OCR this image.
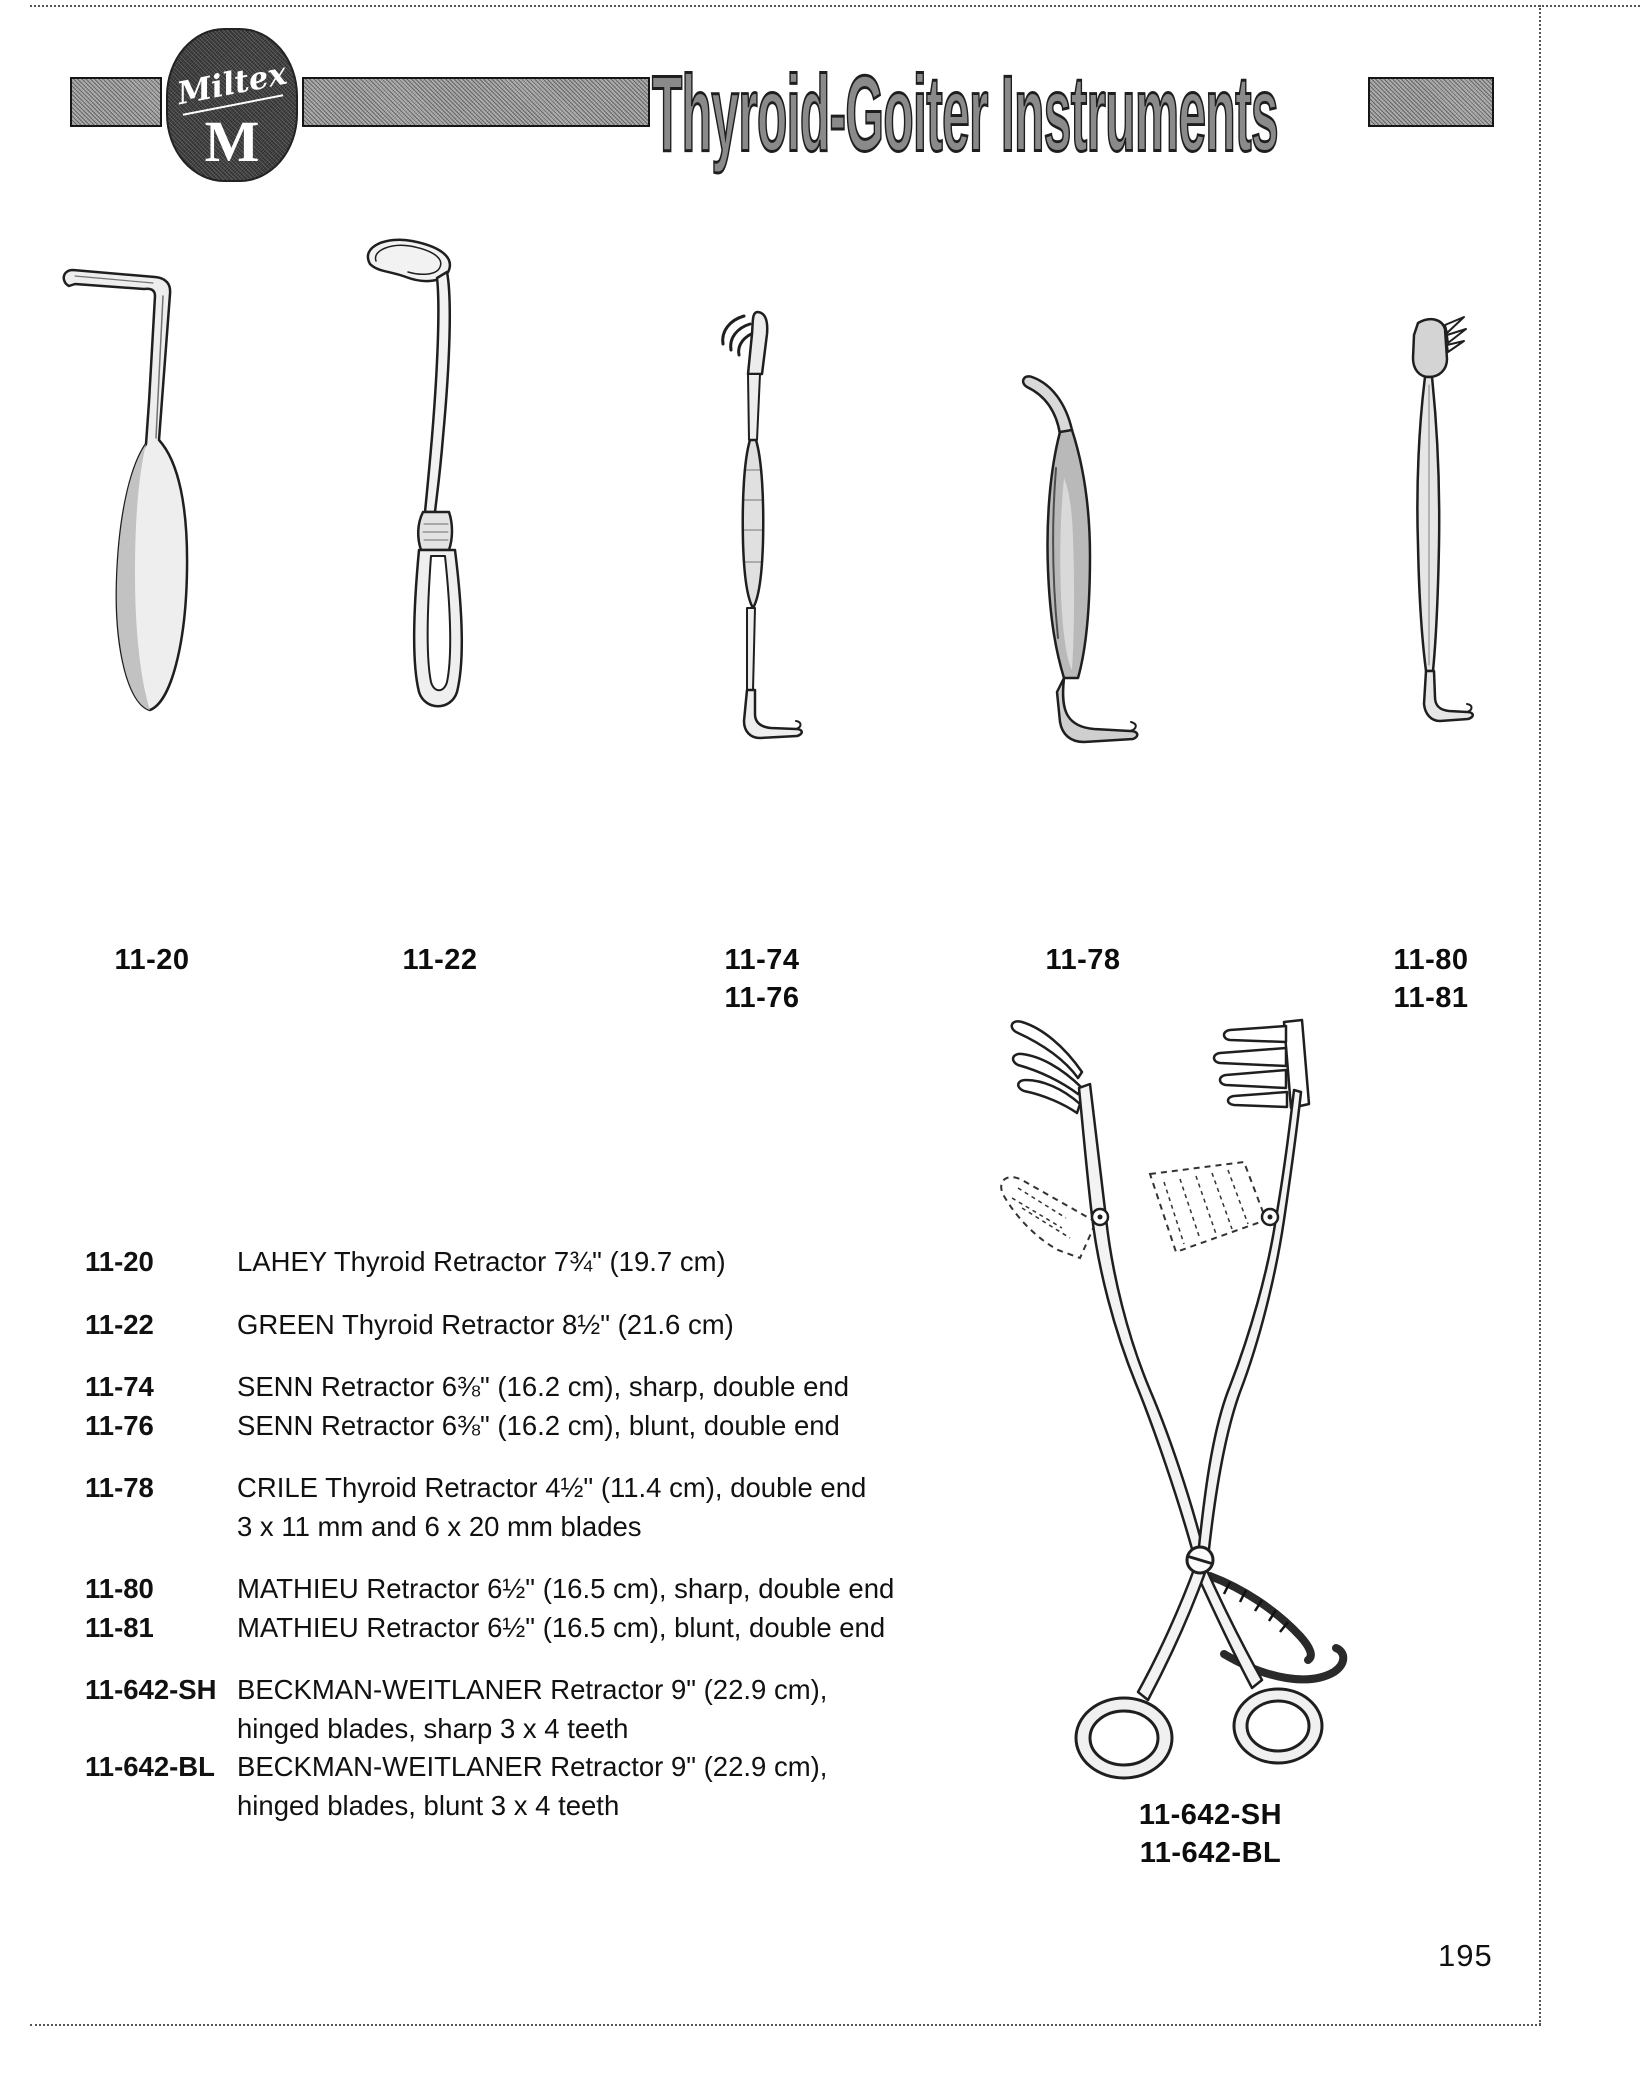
Miltex
M	Thyroid-Goiter Instruments
11-20	11-22	11-74
11-76
11-78	11-80
11-81
11-642-SH
11-642-BL
11-20	LAHEY Thyroid Retractor 7¾" (19.7 cm)
11-22	GREEN Thyroid Retractor 8½" (21.6 cm)
11-74	SENN Retractor 6⅜" (16.2 cm), sharp, double end
11-76	SENN Retractor 6⅜" (16.2 cm), blunt, double end
11-78	CRILE Thyroid Retractor 4½" (11.4 cm), double end
3 x 11 mm and 6 x 20 mm blades
11-80	MATHIEU Retractor 6½" (16.5 cm), sharp, double end
11-81	MATHIEU Retractor 6½" (16.5 cm), blunt, double end
11-642-SH BECKMAN-WEITLANER Retractor 9" (22.9 cm),
hinged blades, sharp 3 x 4 teeth
11-642-BL BECKMAN-WEITLANER Retractor 9" (22.9 cm),
hinged blades, blunt 3 x 4 teeth
195
